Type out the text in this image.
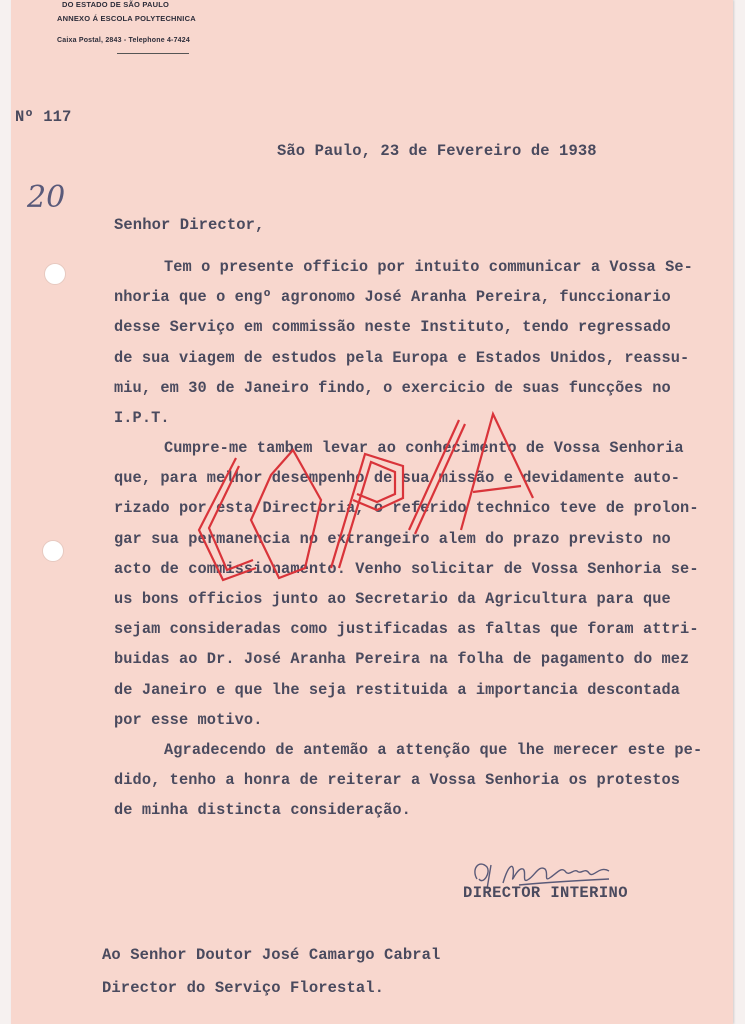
DO ESTADO DE SÃO PAULO
ANNEXO Á ESCOLA POLYTECHNICA
Caixa Postal, 2843 - Telephone 4-7424
Nº 117
20
São Paulo, 23 de Fevereiro de 1938
Senhor Director,
Tem o presente officio por intuito communicar a Vossa Se-
nhoria que o engº agronomo José Aranha Pereira, funccionario
desse Serviço em commissão neste Instituto, tendo regressado
de sua viagem de estudos pela Europa e Estados Unidos, reassu-
miu, em 30 de Janeiro findo, o exercicio de suas funcções no
I.P.T.
Cumpre-me tambem levar ao conhecimento de Vossa Senhoria
que, para melhor desempenho de sua missão e devidamente auto-
rizado por esta Directoria, o referido technico teve de prolon-
gar sua permanencia no extrangeiro alem do prazo previsto no
acto de commissionamento. Venho solicitar de Vossa Senhoria se-
us bons officios junto ao Secretario da Agricultura para que
sejam consideradas como justificadas as faltas que foram attri-
buidas ao Dr. José Aranha Pereira na folha de pagamento do mez
de Janeiro e que lhe seja restituida a importancia descontada
por esse motivo.
Agradecendo de antemão a attenção que lhe merecer este pe-
dido, tenho a honra de reiterar a Vossa Senhoria os protestos
de minha distincta consideração.
DIRECTOR INTERINO
Ao Senhor Doutor José Camargo Cabral
Director do Serviço Florestal.
